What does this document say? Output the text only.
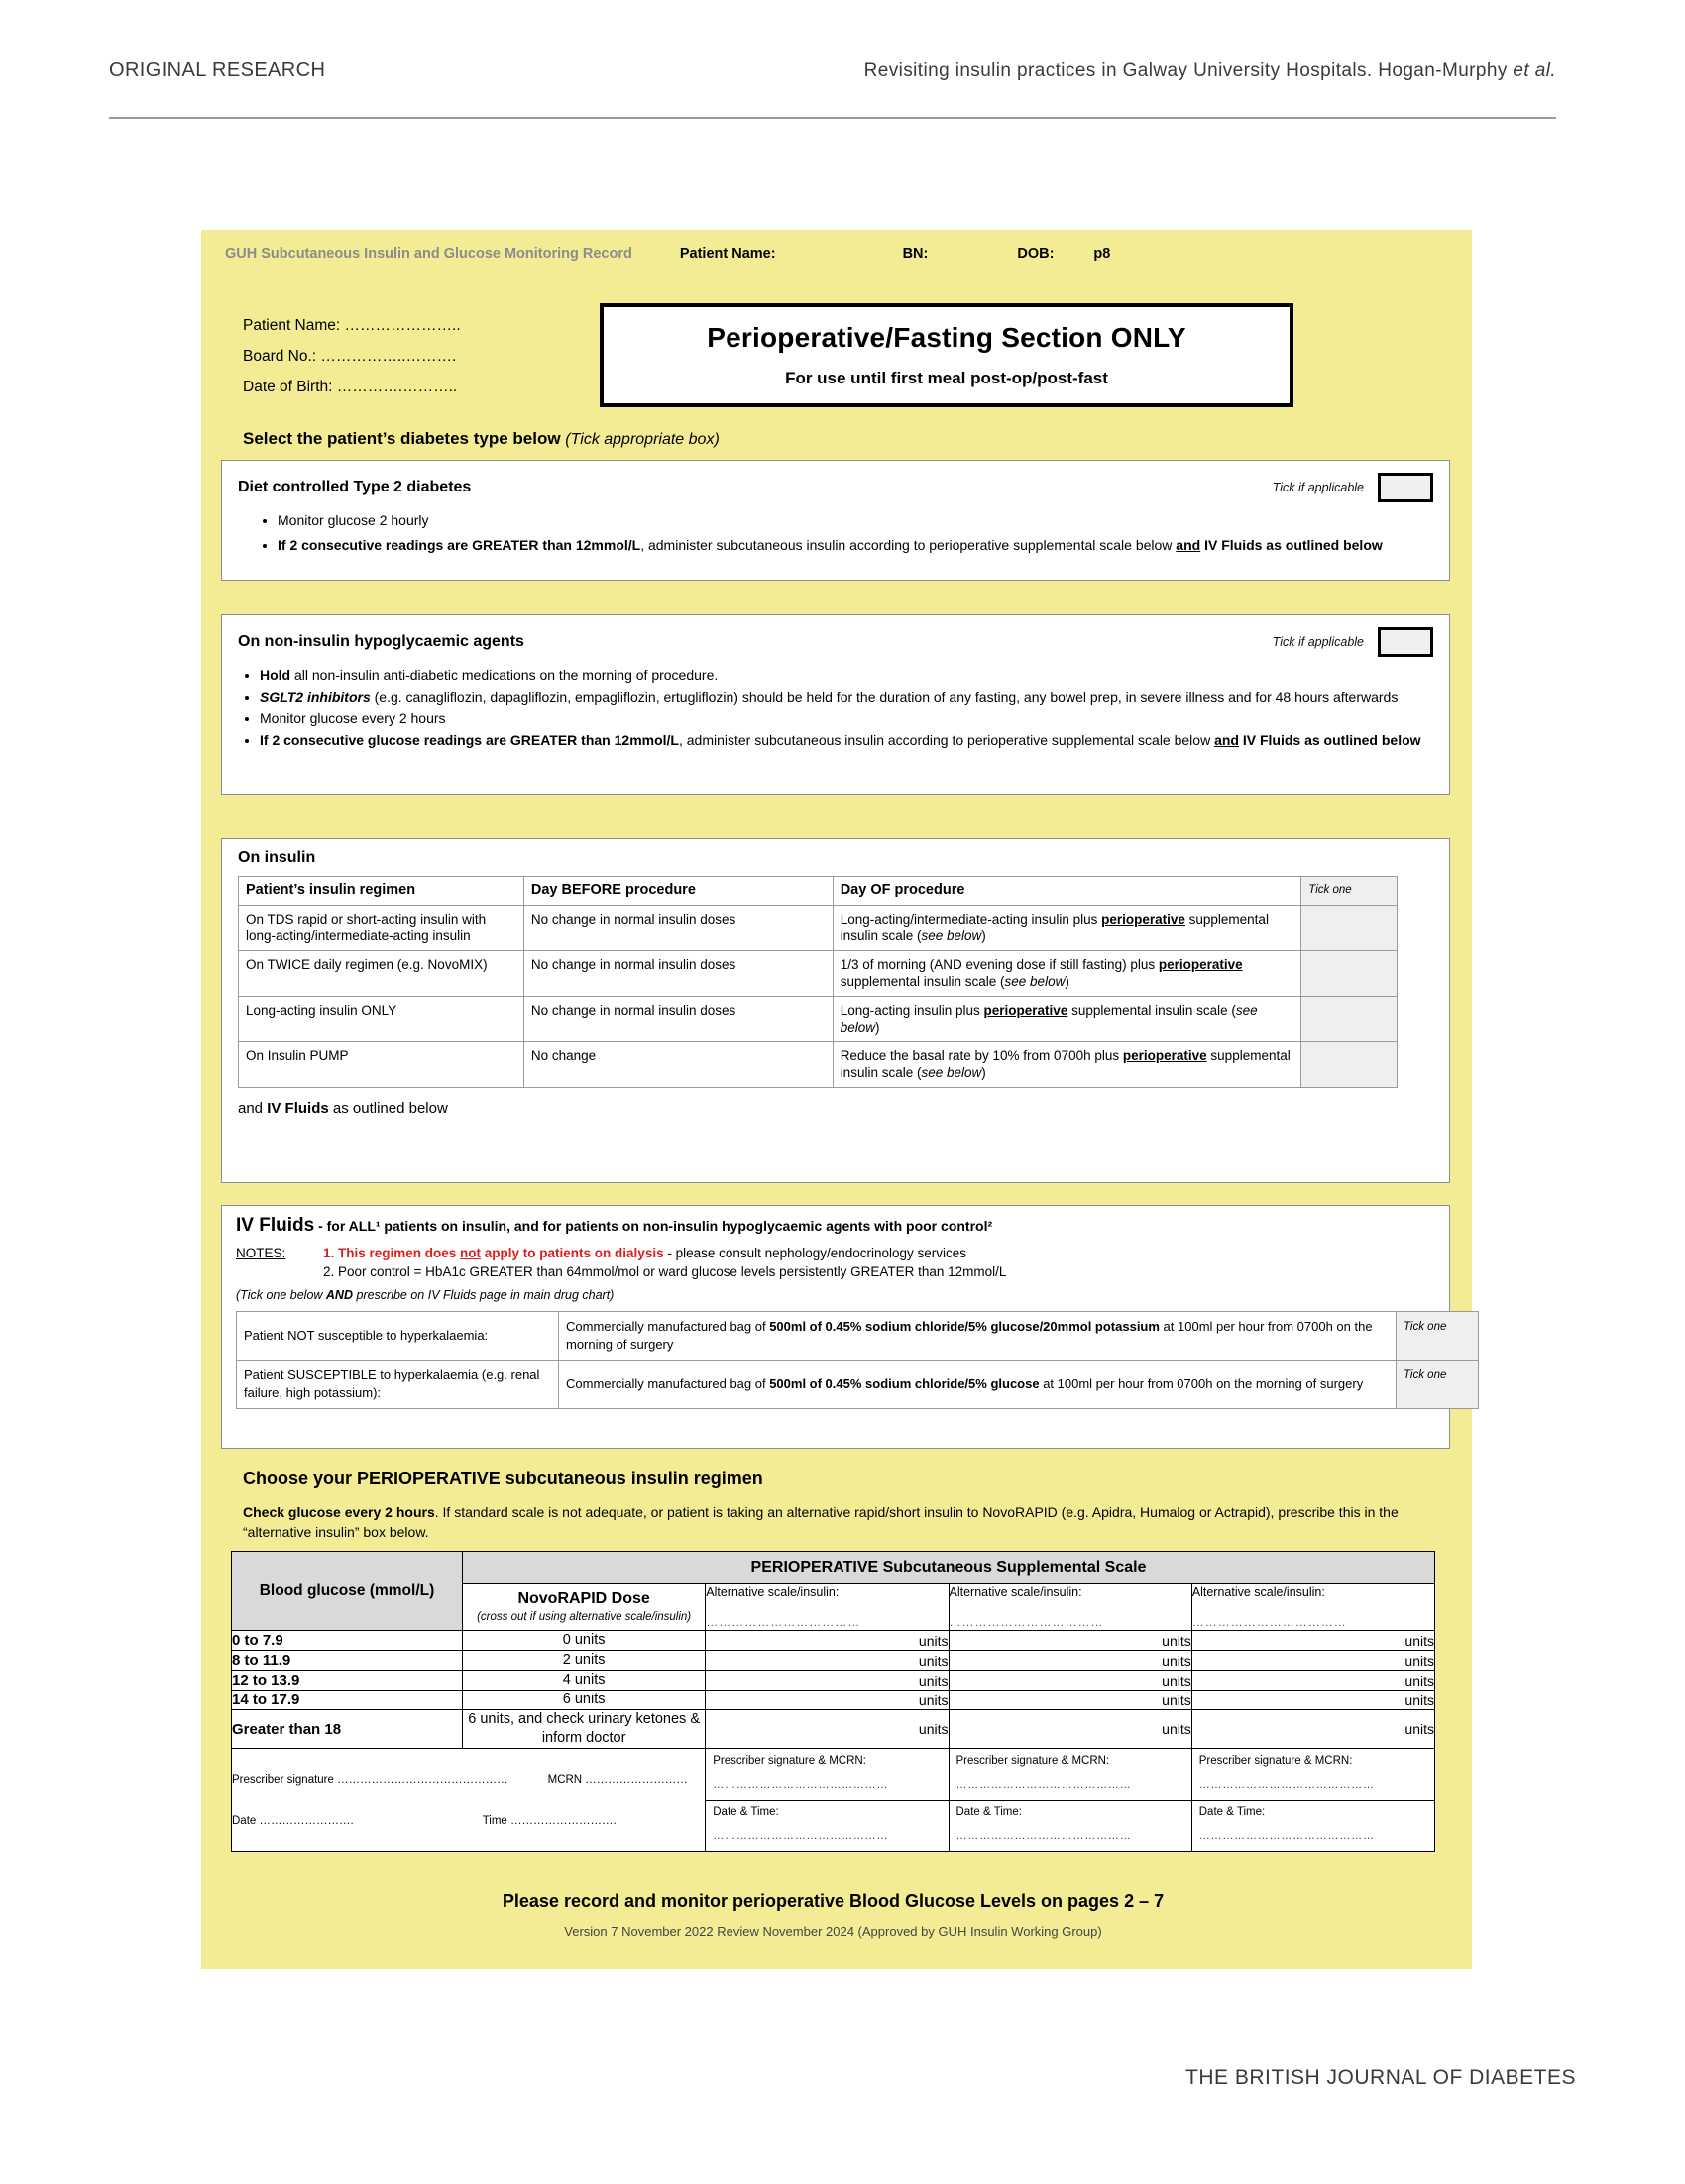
ORIGINAL RESEARCH	Revisiting insulin practices in Galway University Hospitals. Hogan-Murphy et al.
GUH Subcutaneous Insulin and Glucose Monitoring Record	Patient Name:	BN:	DOB:	p8
Patient Name: …………………..
Board No.: ……………..……….
Date of Birth: ………….………..
Perioperative/Fasting Section ONLY
For use until first meal post-op/post-fast
Select the patient’s diabetes type below (Tick appropriate box)
Diet controlled Type 2 diabetes	Tick if applicable
• Monitor glucose 2 hourly
• If 2 consecutive readings are GREATER than 12mmol/L, administer subcutaneous insulin according to perioperative supplemental scale below and IV Fluids as outlined below
On non-insulin hypoglycaemic agents	Tick if applicable
• Hold all non-insulin anti-diabetic medications on the morning of procedure.
• SGLT2 inhibitors (e.g. canagliflozin, dapagliflozin, empagliflozin, ertugliflozin) should be held for the duration of any fasting, any bowel prep, in severe illness and for 48 hours afterwards
• Monitor glucose every 2 hours
• If 2 consecutive glucose readings are GREATER than 12mmol/L, administer subcutaneous insulin according to perioperative supplemental scale below and IV Fluids as outlined below
On insulin
Patient’s insulin regimen	Day BEFORE procedure	Day OF procedure	Tick one
On TDS rapid or short-acting insulin with long-acting/intermediate-acting insulin	No change in normal insulin doses	Long-acting/intermediate-acting insulin plus perioperative supplemental insulin scale (see below)	
On TWICE daily regimen (e.g. NovoMIX)	No change in normal insulin doses	1/3 of morning (AND evening dose if still fasting) plus perioperative supplemental insulin scale (see below)	
Long-acting insulin ONLY	No change in normal insulin doses	Long-acting insulin plus perioperative supplemental insulin scale (see below)	
On Insulin PUMP	No change	Reduce the basal rate by 10% from 0700h plus perioperative supplemental insulin scale (see below)	
and IV Fluids as outlined below
IV Fluids - for ALL¹ patients on insulin, and for patients on non-insulin hypoglycaemic agents with poor control²
NOTES:	1. This regimen does not apply to patients on dialysis - please consult nephology/endocrinology services
2. Poor control = HbA1c GREATER than 64mmol/mol or ward glucose levels persistently GREATER than 12mmol/L
(Tick one below AND prescribe on IV Fluids page in main drug chart)
Patient NOT susceptible to hyperkalaemia:	Commercially manufactured bag of 500ml of 0.45% sodium chloride/5% glucose/20mmol potassium at 100ml per hour from 0700h on the morning of surgery	Tick one
Patient SUSCEPTIBLE to hyperkalaemia (e.g. renal failure, high potassium):	Commercially manufactured bag of 500ml of 0.45% sodium chloride/5% glucose at 100ml per hour from 0700h on the morning of surgery	Tick one
Choose your PERIOPERATIVE subcutaneous insulin regimen
Check glucose every 2 hours. If standard scale is not adequate, or patient is taking an alternative rapid/short insulin to NovoRAPID (e.g. Apidra, Humalog or Actrapid), prescribe this in the “alternative insulin” box below.
Blood glucose (mmol/L)	PERIOPERATIVE Subcutaneous Supplemental Scale			

NovoRAPID Dose
(cross out if using alternative scale/insulin)
	Alternative scale/insulin:
………………………………
	Alternative scale/insulin:
………………………………
	Alternative scale/insulin:
………………………………

0 to 7.9	0 units	units	units	units
8 to 11.9	2 units	units	units	units
12 to 13.9	4 units	units	units	units
14 to 17.9	6 units	units	units	units
Greater than 18	6 units, and check urinary ketones & inform doctor	units	units	units

Prescriber signature ………………………………………	MCRN ………………………
Date …………………….	Time ……………………….

Prescriber signature & MCRN:
………………………………………
Date & Time:
………………………………………

Prescriber signature & MCRN:
………………………………………
Date & Time:
………………………………………

Prescriber signature & MCRN:
………………………………………
Date & Time:
………………………………………
Please record and monitor perioperative Blood Glucose Levels on pages 2 – 7
Version 7 November 2022 Review November 2024 (Approved by GUH Insulin Working Group)
THE BRITISH JOURNAL OF DIABETES
